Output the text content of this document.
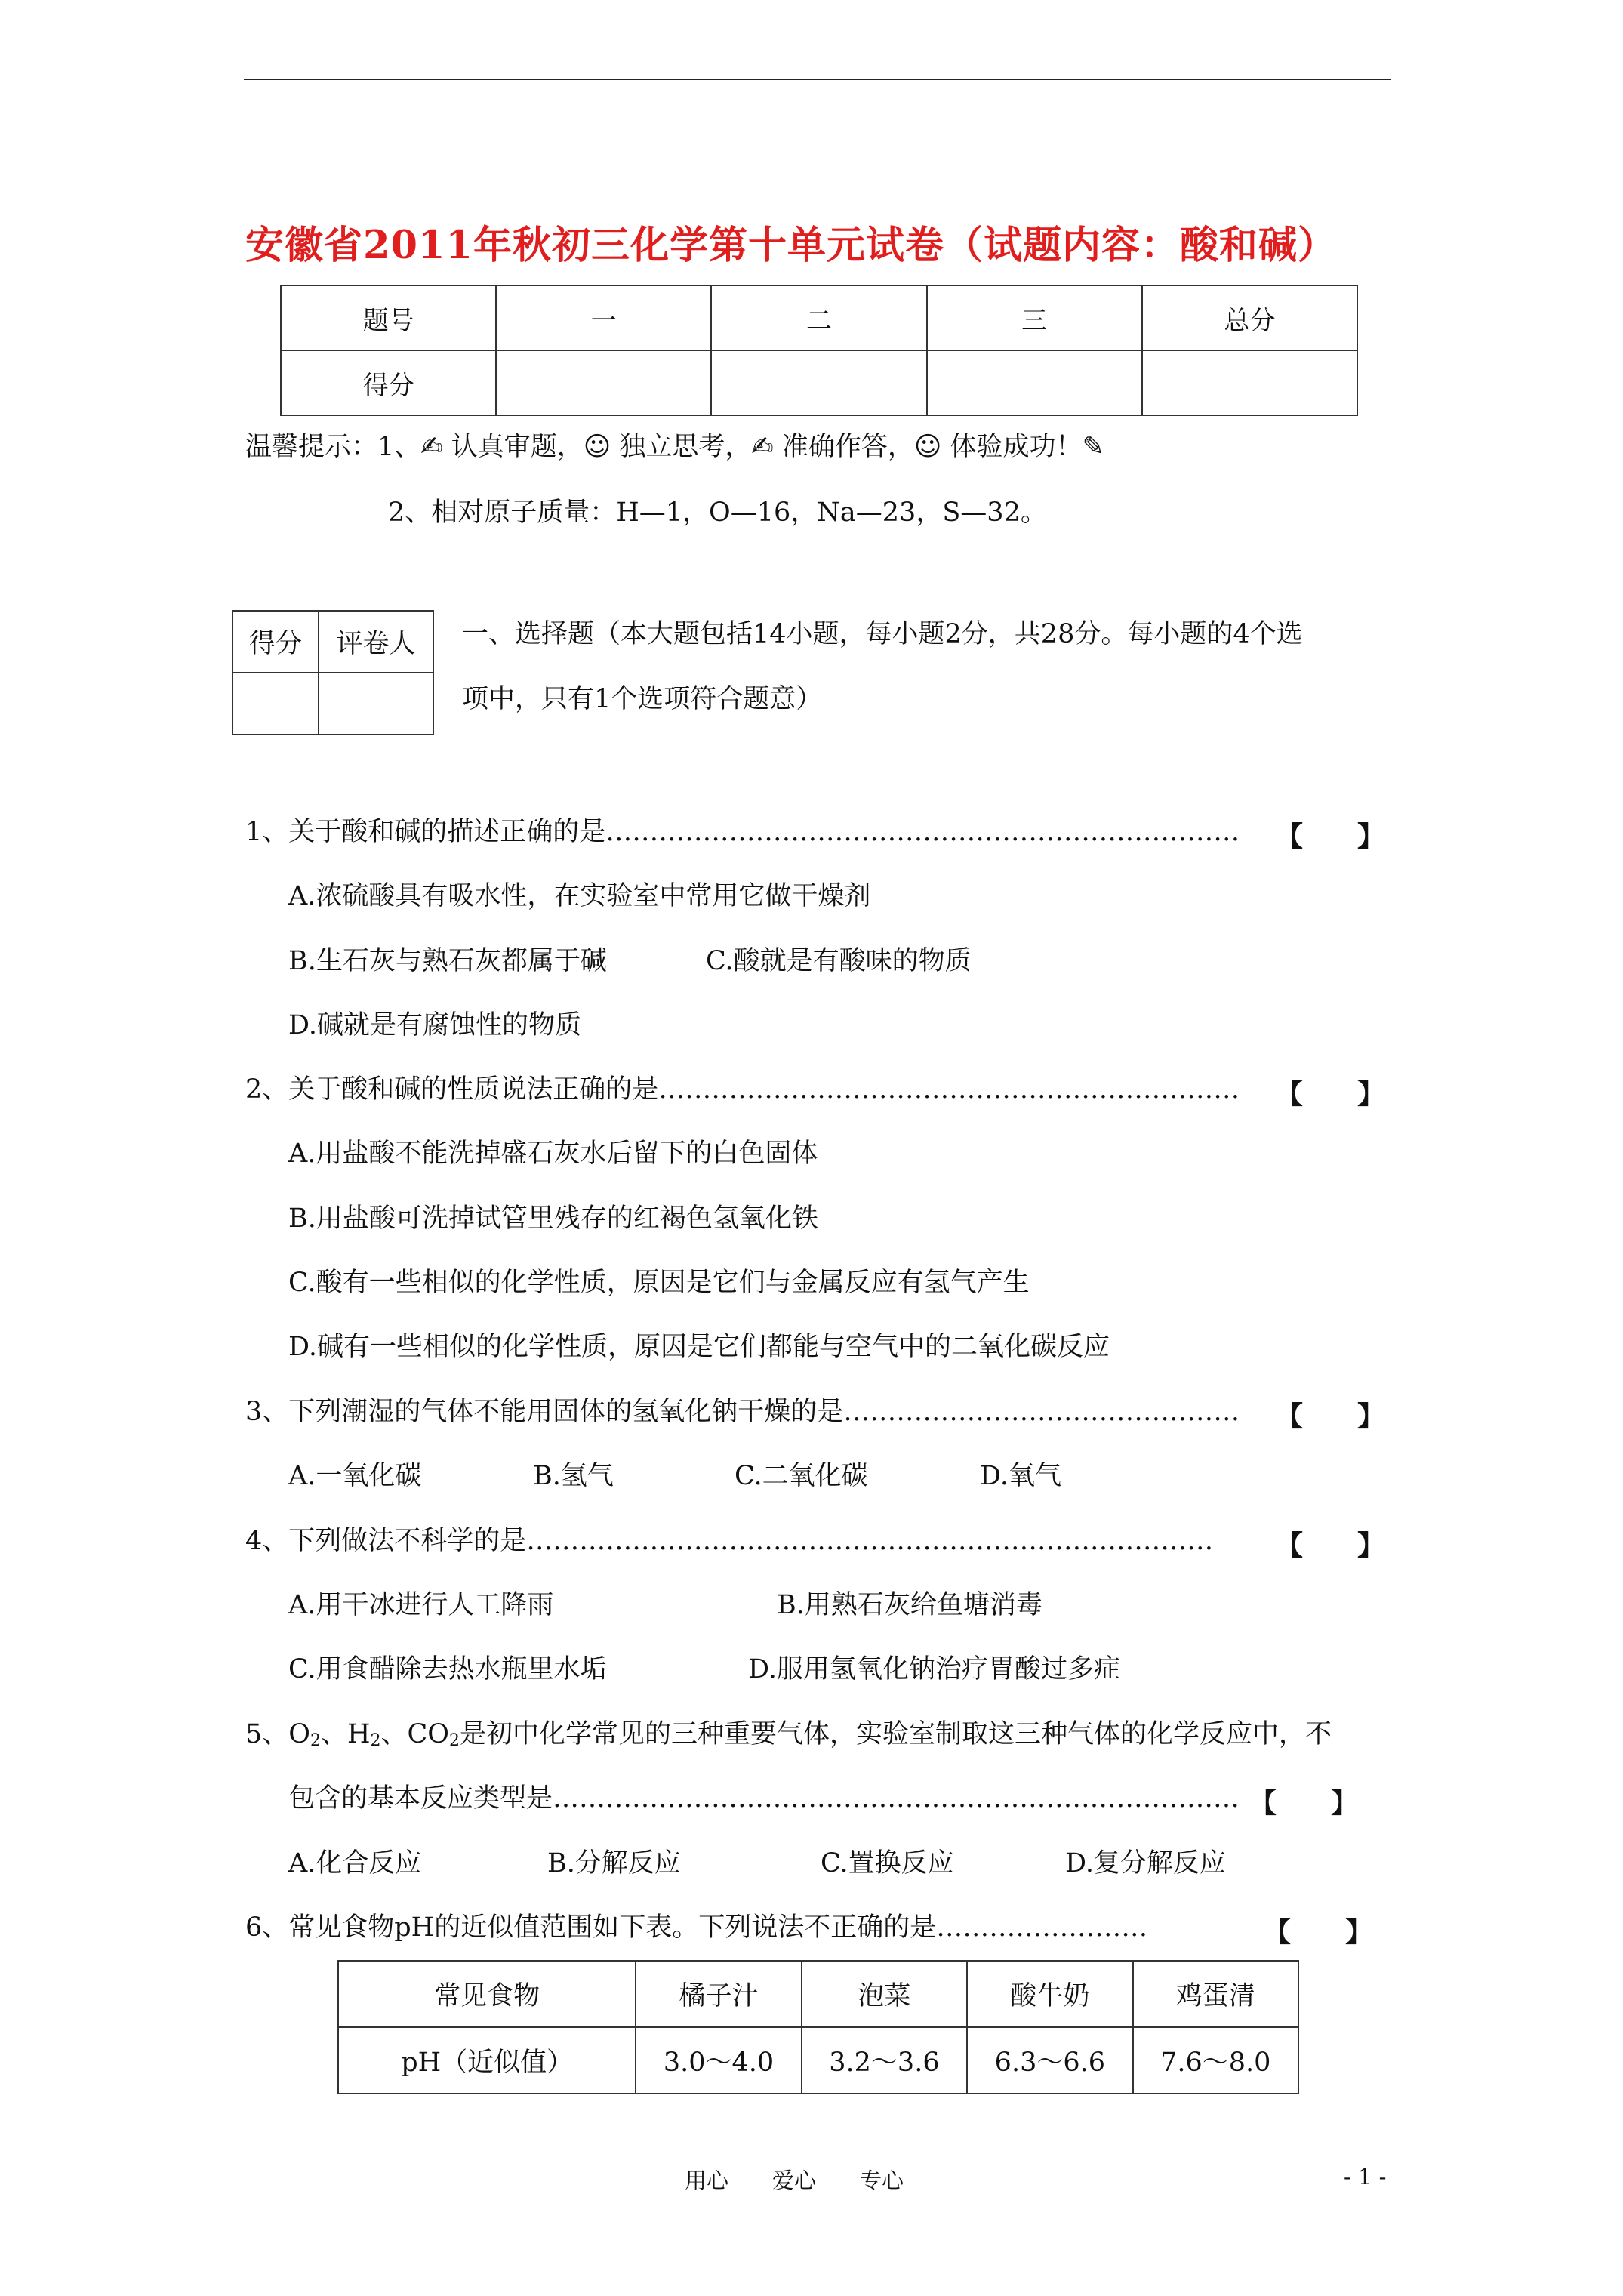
安徽省2011年秋初三化学第十单元试卷（试题内容：酸和碱）
题号	一	二	三	总分
得分				
温馨提示：1、✍ 认真审题，☺ 独立思考，✍ 准确作答，☺ 体验成功！✎
2、相对原子质量：H—1，O—16，Na—23，S—32。
得分	评卷人
	一、选择题（本大题包括14小题，每小题2分，共28分。每小题的4个选
项中，只有1个选项符合题意）
1、关于酸和碱的描述正确的是……………………………………………………………… 【　　】
A.浓硫酸具有吸水性，在实验室中常用它做干燥剂
B.生石灰与熟石灰都属于碱	C.酸就是有酸味的物质
D.碱就是有腐蚀性的物质
2、关于酸和碱的性质说法正确的是………………………………………………………… 【　　】
A.用盐酸不能洗掉盛石灰水后留下的白色固体
B.用盐酸可洗掉试管里残存的红褐色氢氧化铁
C.酸有一些相似的化学性质，原因是它们与金属反应有氢气产生
D.碱有一些相似的化学性质，原因是它们都能与空气中的二氧化碳反应
3、下列潮湿的气体不能用固体的氢氧化钠干燥的是……………………………………… 【　　】
A.一氧化碳	B.氢气	C.二氧化碳	D.氧气
4、下列做法不科学的是…………………………………………………………………… 【　　】
A.用干冰进行人工降雨	B.用熟石灰给鱼塘消毒
C.用食醋除去热水瓶里水垢	D.服用氢氧化钠治疗胃酸过多症
5、$O_2$、$H_2$、$CO_2$是初中化学常见的三种重要气体，实验室制取这三种气体的化学反应中，不
包含的基本反应类型是…………………………………………………………………… 【　　】
A.化合反应	B.分解反应	C.置换反应	D.复分解反应
6、常见食物pH的近似值范围如下表。下列说法不正确的是……………………	【　　】
常见食物	橘子汁	泡菜	酸牛奶	鸡蛋清
pH（近似值）	3.0～4.0	3.2～3.6	6.3～6.6	7.6～8.0
用心　　爱心　　专心	- 1 -
